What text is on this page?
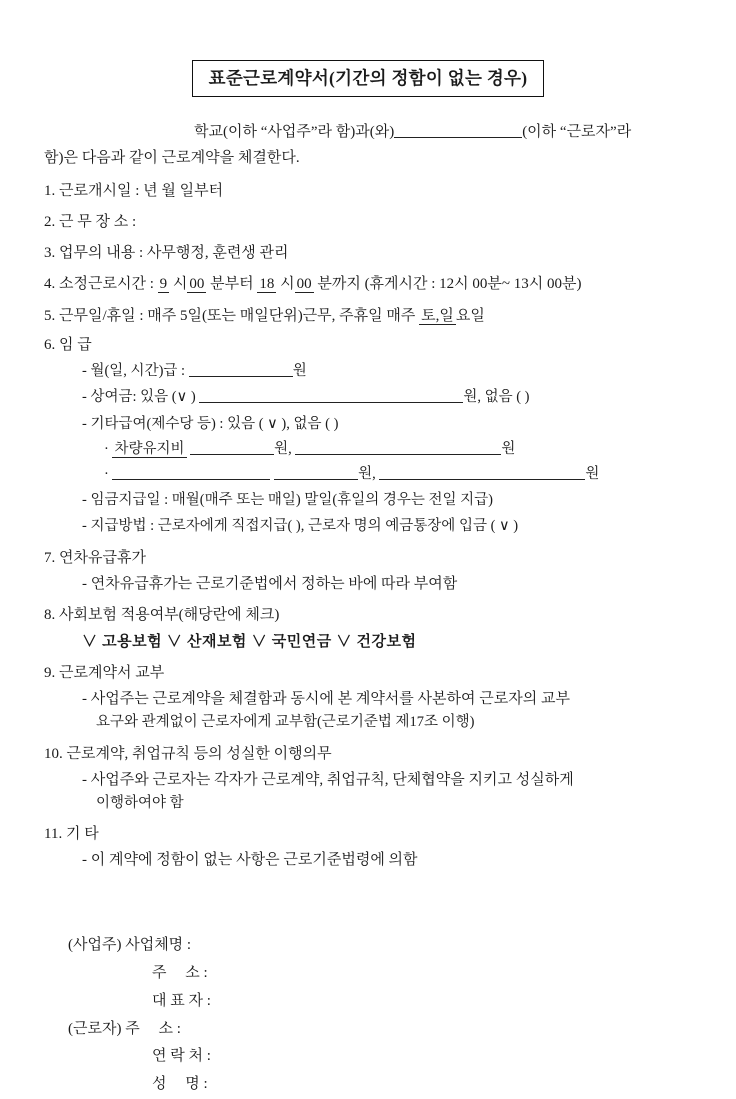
표준근로계약서(기간의 정함이 없는 경우)

학교(이하 “사업주”라 함)과(와)	(이하 “근로자”라
함)은 다음과 같이 근로계약을 체결한다.

1. 근로개시일 : 년 월 일부터

2. 근 무 장 소 :

3. 업무의 내용 : 사무행정, 훈련생 관리

4. 소정근로시간 : 9 시 00 분부터 18 시 00 분까지 (휴게시간 : 12시 00분~ 13시 00분)

5. 근무일/휴일 : 매주 5일(또는 매일단위)근무, 주휴일 매주 토,일 요일

6. 임 급

- 월(일, 시간)급 :	원

- 상여금: 있음 (∨ )	원, 없음 ( )

- 기타급여(제수당 등) : 있음 ( ∨ ), 없음 ( )

· 차량유지비	원,	원

·	원,	원

- 임금지급일 : 매월(매주 또는 매일) 말일(휴일의 경우는 전일 지급)

- 지급방법 : 근로자에게 직접지급( ), 근로자 명의 예금통장에 입금 ( ∨ )

7. 연차유급휴가

- 연차유급휴가는 근로기준법에서 정하는 바에 따라 부여함

8. 사회보험 적용여부(해당란에 체크)

∨ 고용보험 ∨ 산재보험 ∨ 국민연금 ∨ 건강보험

9. 근로계약서 교부

- 사업주는 근로계약을 체결함과 동시에 본 계약서를 사본하여 근로자의 교부

요구와 관계없이 근로자에게 교부함(근로기준법 제17조 이행)

10. 근로계약, 취업규칙 등의 성실한 이행의무

- 사업주와 근로자는 각자가 근로계약, 취업규칙, 단체협약을 지키고 성실하게

이행하여야 함

11. 기 타

- 이 계약에 정함이 없는 사항은 근로기준법령에 의함

(사업주) 사업체명 :

주     소 :

대 표 자 :

(근로자) 주     소 :

연 락 처 :

성     명 :
